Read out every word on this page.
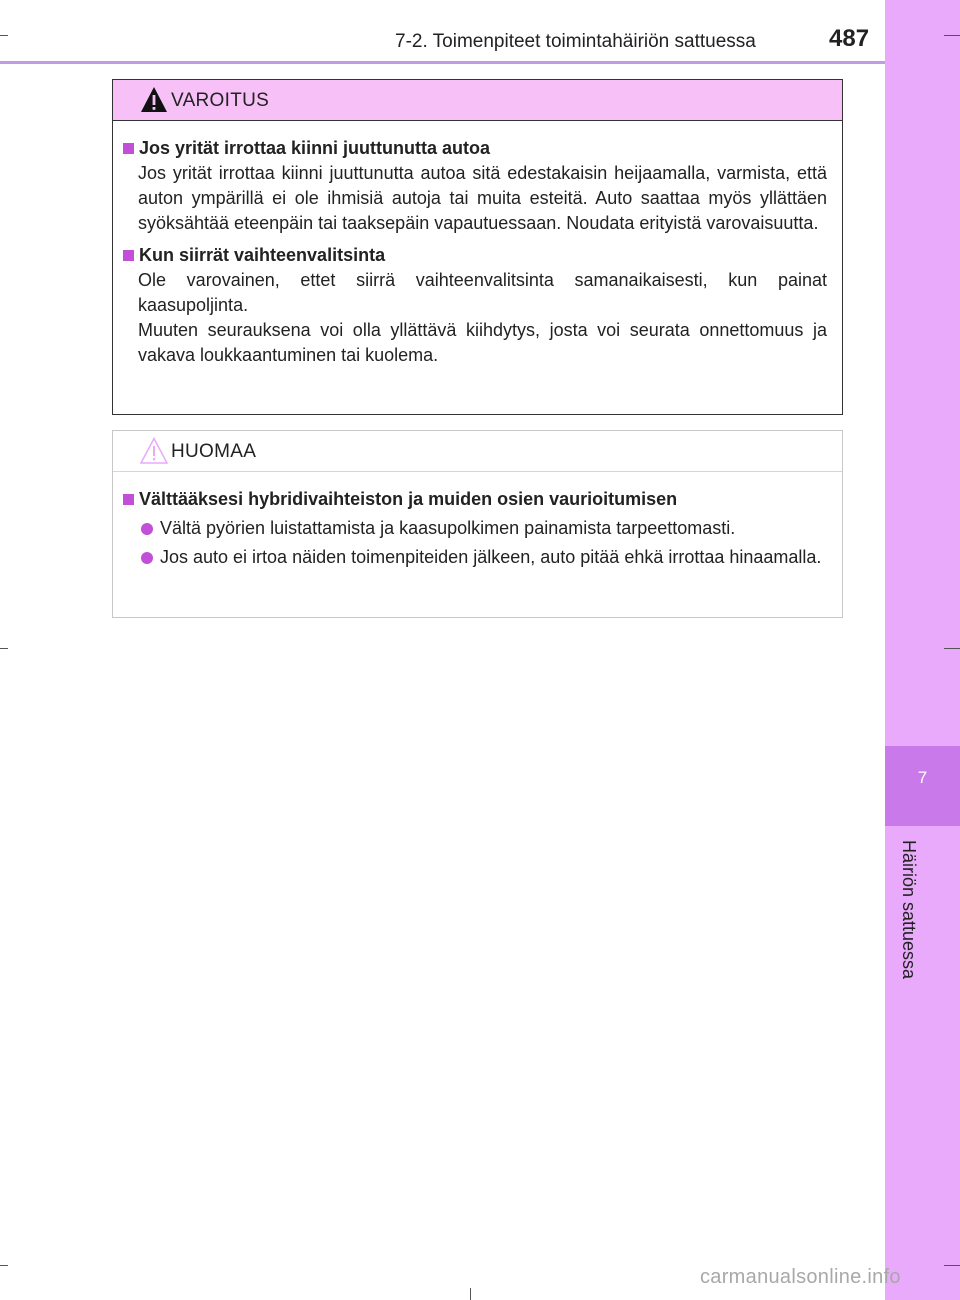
7-2. Toimenpiteet toimintahäiriön sattuessa	487
7
Häiriön sattuessa
VAROITUS
Jos yrität irrottaa kiinni juuttunutta autoa

Jos yrität irrottaa kiinni juuttunutta autoa sitä edestakaisin heijaamalla, varmista, että auton ympärillä ei ole ihmisiä autoja tai muita esteitä. Auto saattaa myös yllättäen syöksähtää eteenpäin tai taaksepäin vapautuessaan. Noudata erityistä varovaisuutta.

Kun siirrät vaihteenvalitsinta

Ole varovainen, ettet siirrä vaihteenvalitsinta samanaikaisesti, kun painat kaasupoljinta.

Muuten seurauksena voi olla yllättävä kiihdytys, josta voi seurata onnettomuus ja vakava loukkaantuminen tai kuolema.

HUOMAA
Välttääksesi hybridivaihteiston ja muiden osien vaurioitumisen
Vältä pyörien luistattamista ja kaasupolkimen painamista tarpeettomasti.
Jos auto ei irtoa näiden toimenpiteiden jälkeen, auto pitää ehkä irrottaa hinaamalla.
carmanualsonline.info
